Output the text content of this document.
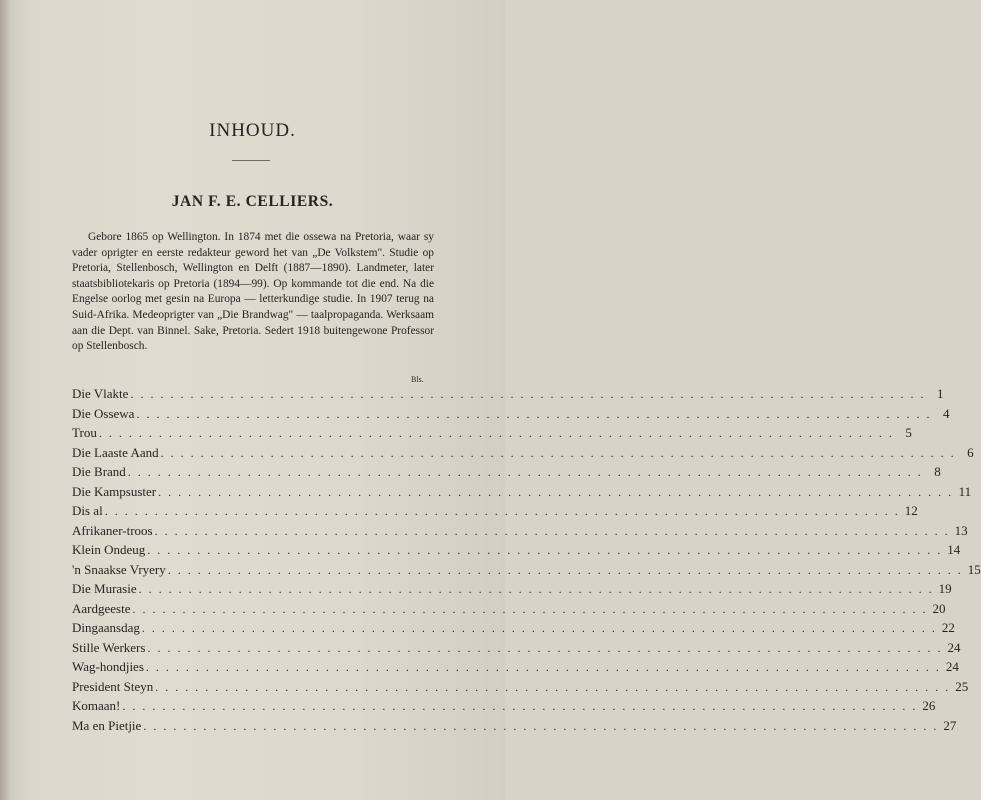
INHOUD.
JAN F. E. CELLIERS.

Gebore 1865 op Wellington. In 1874 met die ossewa na Pretoria, waar sy vader oprigter en eerste redakteur geword het van „De Volkstem". Studie op Pretoria, Stellenbosch, Wellington en Delft (1887—1890). Landmeter, later staatsbibliotekaris op Pretoria (1894—99). Op kommande tot die end. Na die Engelse oorlog met gesin na Europa — letterkundige studie. In 1907 terug na Suid-Afrika. Medeoprigter van „Die Brandwag" — taalpropaganda. Werksaam aan die Dept. van Binnel. Sake, Pretoria. Sedert 1918 buitengewone Professor op Stellenbosch.

Bls.
Die Vlakte . . . . . . . . . . . . . . . . . . . . . . . . . . . . . . . . . . . . . . . . . . . . . . . . . . . . . . . . . . . . . . . . . . . . . . . . . . . . . . . . 1
Die Ossewa . . . . . . . . . . . . . . . . . . . . . . . . . . . . . . . . . . . . . . . . . . . . . . . . . . . . . . . . . . . . . . . . . . . . . . . . . . . . . . . . 4
Trou . . . . . . . . . . . . . . . . . . . . . . . . . . . . . . . . . . . . . . . . . . . . . . . . . . . . . . . . . . . . . . . . . . . . . . . . . . . . . . . . 5
Die Laaste Aand . . . . . . . . . . . . . . . . . . . . . . . . . . . . . . . . . . . . . . . . . . . . . . . . . . . . . . . . . . . . . . . . . . . . . . . . . . . . . . . . 6
Die Brand . . . . . . . . . . . . . . . . . . . . . . . . . . . . . . . . . . . . . . . . . . . . . . . . . . . . . . . . . . . . . . . . . . . . . . . . . . . . . . . . 8
Die Kampsuster . . . . . . . . . . . . . . . . . . . . . . . . . . . . . . . . . . . . . . . . . . . . . . . . . . . . . . . . . . . . . . . . . . . . . . . . . . . . . . . . 11
Dis al . . . . . . . . . . . . . . . . . . . . . . . . . . . . . . . . . . . . . . . . . . . . . . . . . . . . . . . . . . . . . . . . . . . . . . . . . . . . . . . . 12
Afrikaner-troos . . . . . . . . . . . . . . . . . . . . . . . . . . . . . . . . . . . . . . . . . . . . . . . . . . . . . . . . . . . . . . . . . . . . . . . . . . . . . . . . 13
Klein Ondeug . . . . . . . . . . . . . . . . . . . . . . . . . . . . . . . . . . . . . . . . . . . . . . . . . . . . . . . . . . . . . . . . . . . . . . . . . . . . . . . . 14
'n Snaakse Vryery . . . . . . . . . . . . . . . . . . . . . . . . . . . . . . . . . . . . . . . . . . . . . . . . . . . . . . . . . . . . . . . . . . . . . . . . . . . . . . . . 15
Die Murasie . . . . . . . . . . . . . . . . . . . . . . . . . . . . . . . . . . . . . . . . . . . . . . . . . . . . . . . . . . . . . . . . . . . . . . . . . . . . . . . . 19
Aardgeeste . . . . . . . . . . . . . . . . . . . . . . . . . . . . . . . . . . . . . . . . . . . . . . . . . . . . . . . . . . . . . . . . . . . . . . . . . . . . . . . . 20
Dingaansdag . . . . . . . . . . . . . . . . . . . . . . . . . . . . . . . . . . . . . . . . . . . . . . . . . . . . . . . . . . . . . . . . . . . . . . . . . . . . . . . . 22
Stille Werkers . . . . . . . . . . . . . . . . . . . . . . . . . . . . . . . . . . . . . . . . . . . . . . . . . . . . . . . . . . . . . . . . . . . . . . . . . . . . . . . . 24
Wag-hondjies . . . . . . . . . . . . . . . . . . . . . . . . . . . . . . . . . . . . . . . . . . . . . . . . . . . . . . . . . . . . . . . . . . . . . . . . . . . . . . . . 24
President Steyn . . . . . . . . . . . . . . . . . . . . . . . . . . . . . . . . . . . . . . . . . . . . . . . . . . . . . . . . . . . . . . . . . . . . . . . . . . . . . . . . 25
Komaan! . . . . . . . . . . . . . . . . . . . . . . . . . . . . . . . . . . . . . . . . . . . . . . . . . . . . . . . . . . . . . . . . . . . . . . . . . . . . . . . . 26
Ma en Pietjie . . . . . . . . . . . . . . . . . . . . . . . . . . . . . . . . . . . . . . . . . . . . . . . . . . . . . . . . . . . . . . . . . . . . . . . . . . . . . . . . 27
